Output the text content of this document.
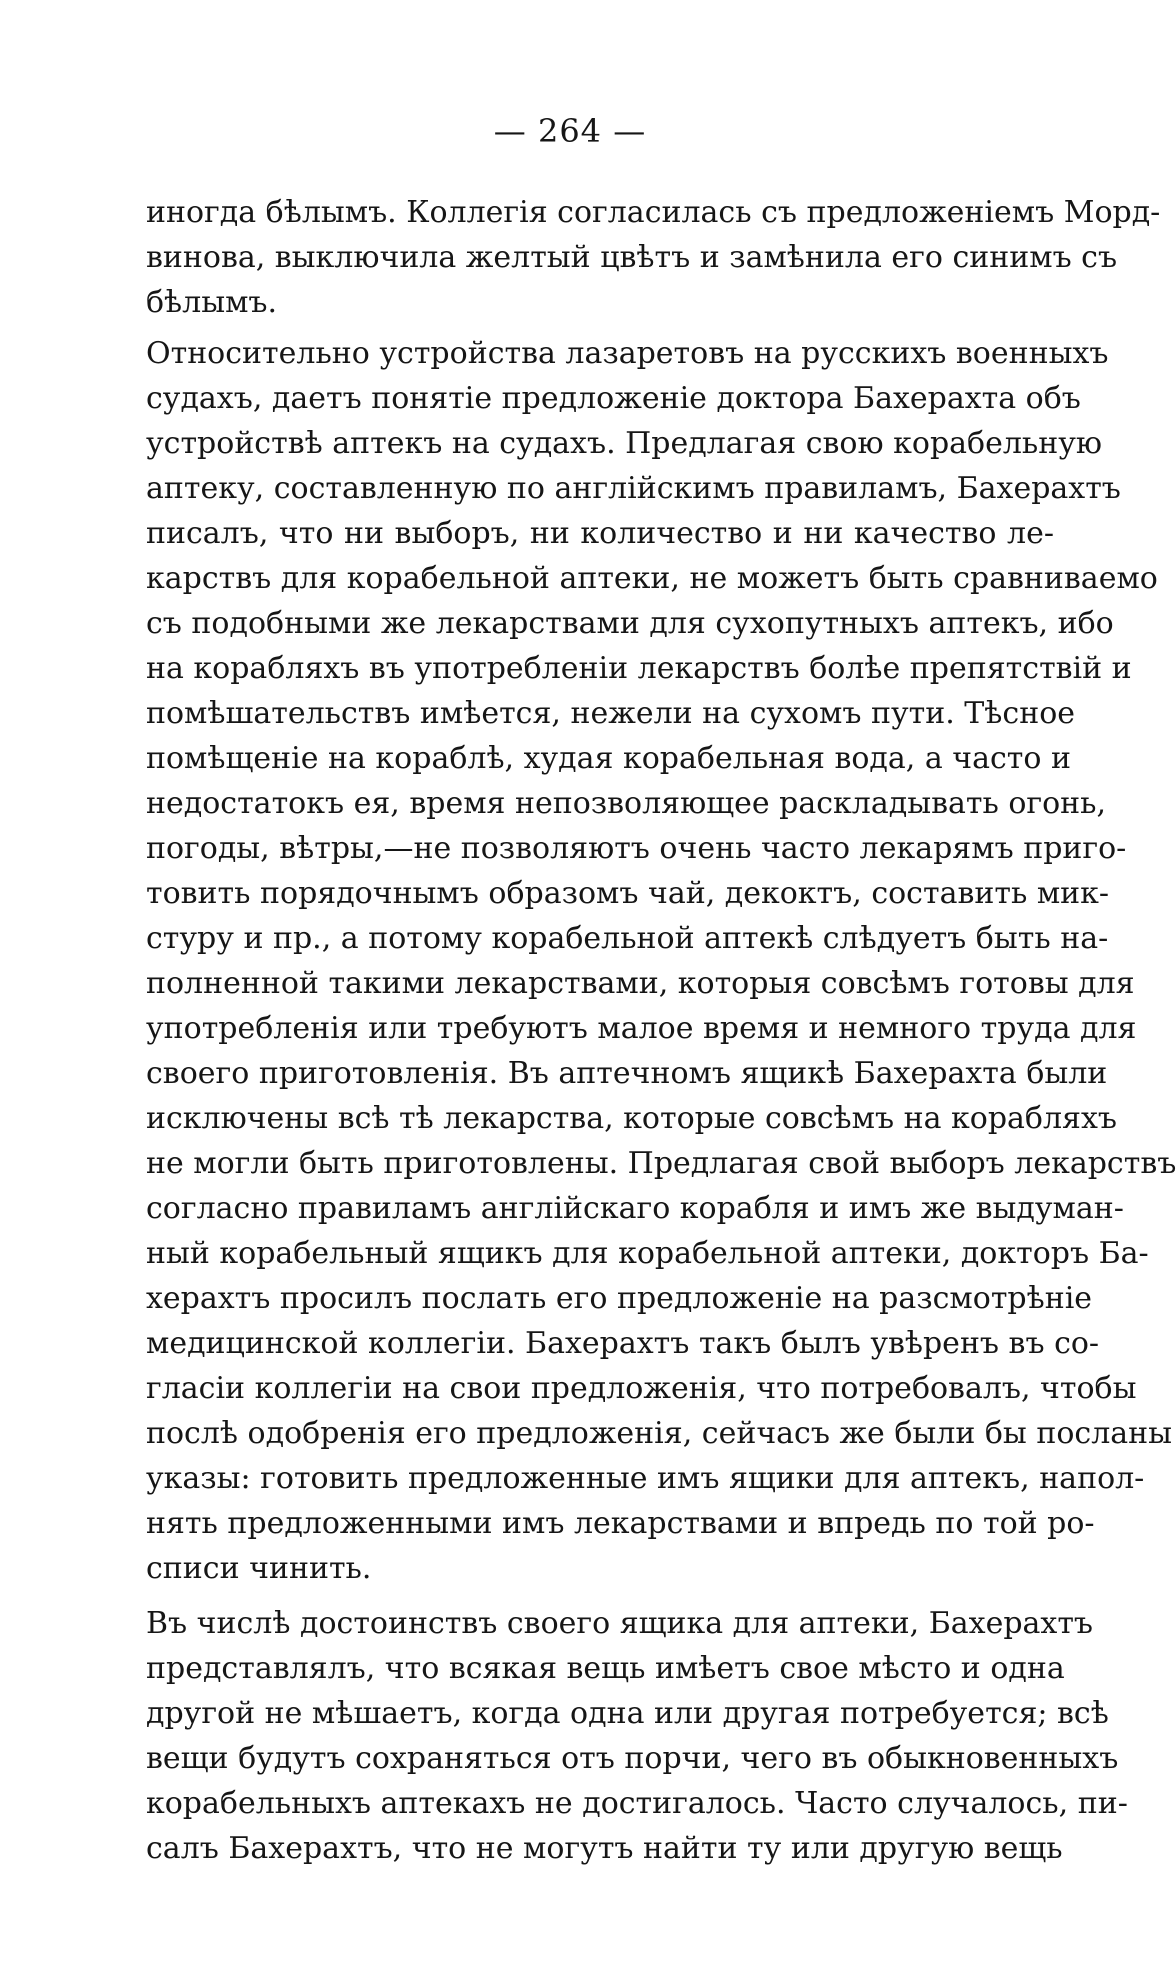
— 264 —
иногда бѣлымъ. Коллегія согласилась съ предложеніемъ Морд-
винова, выключила желтый цвѣтъ и замѣнила его синимъ съ
бѣлымъ.
Относительно устройства лазаретовъ на русскихъ военныхъ
судахъ, даетъ понятіе предложеніе доктора Бахерахта объ
устройствѣ аптекъ на судахъ. Предлагая свою корабельную
аптеку, составленную по англійскимъ правиламъ, Бахерахтъ
писалъ, что ни выборъ, ни количество и ни качество ле-
карствъ для корабельной аптеки, не можетъ быть сравниваемо
съ подобными же лекарствами для сухопутныхъ аптекъ, ибо
на корабляхъ въ употребленіи лекарствъ болѣе препятствій и
помѣшательствъ имѣется, нежели на сухомъ пути. Тѣсное
помѣщеніе на кораблѣ, худая корабельная вода, а часто и
недостатокъ ея, время непозволяющее раскладывать огонь,
погоды, вѣтры,—не позволяютъ очень часто лекарямъ приго-
товить порядочнымъ образомъ чай, декоктъ, составить мик-
стуру и пр., а потому корабельной аптекѣ слѣдуетъ быть на-
полненной такими лекарствами, которыя совсѣмъ готовы для
употребленія или требуютъ малое время и немного труда для
своего приготовленія. Въ аптечномъ ящикѣ Бахерахта были
исключены всѣ тѣ лекарства, которые совсѣмъ на корабляхъ
не могли быть приготовлены. Предлагая свой выборъ лекарствъ
согласно правиламъ англійскаго корабля и имъ же выдуман-
ный корабельный ящикъ для корабельной аптеки, докторъ Ба-
херахтъ просилъ послать его предложеніе на разсмотрѣніе
медицинской коллегіи. Бахерахтъ такъ былъ увѣренъ въ со-
гласіи коллегіи на свои предложенія, что потребовалъ, чтобы
послѣ одобренія его предложенія, сейчасъ же были бы посланы
указы: готовить предложенные имъ ящики для аптекъ, напол-
нять предложенными имъ лекарствами и впредь по той ро-
списи чинить.
Въ числѣ достоинствъ своего ящика для аптеки, Бахерахтъ
представлялъ, что всякая вещь имѣетъ свое мѣсто и одна
другой не мѣшаетъ, когда одна или другая потребуется; всѣ
вещи будутъ сохраняться отъ порчи, чего въ обыкновенныхъ
корабельныхъ аптекахъ не достигалось. Часто случалось, пи-
салъ Бахерахтъ, что не могутъ найти ту или другую вещь
